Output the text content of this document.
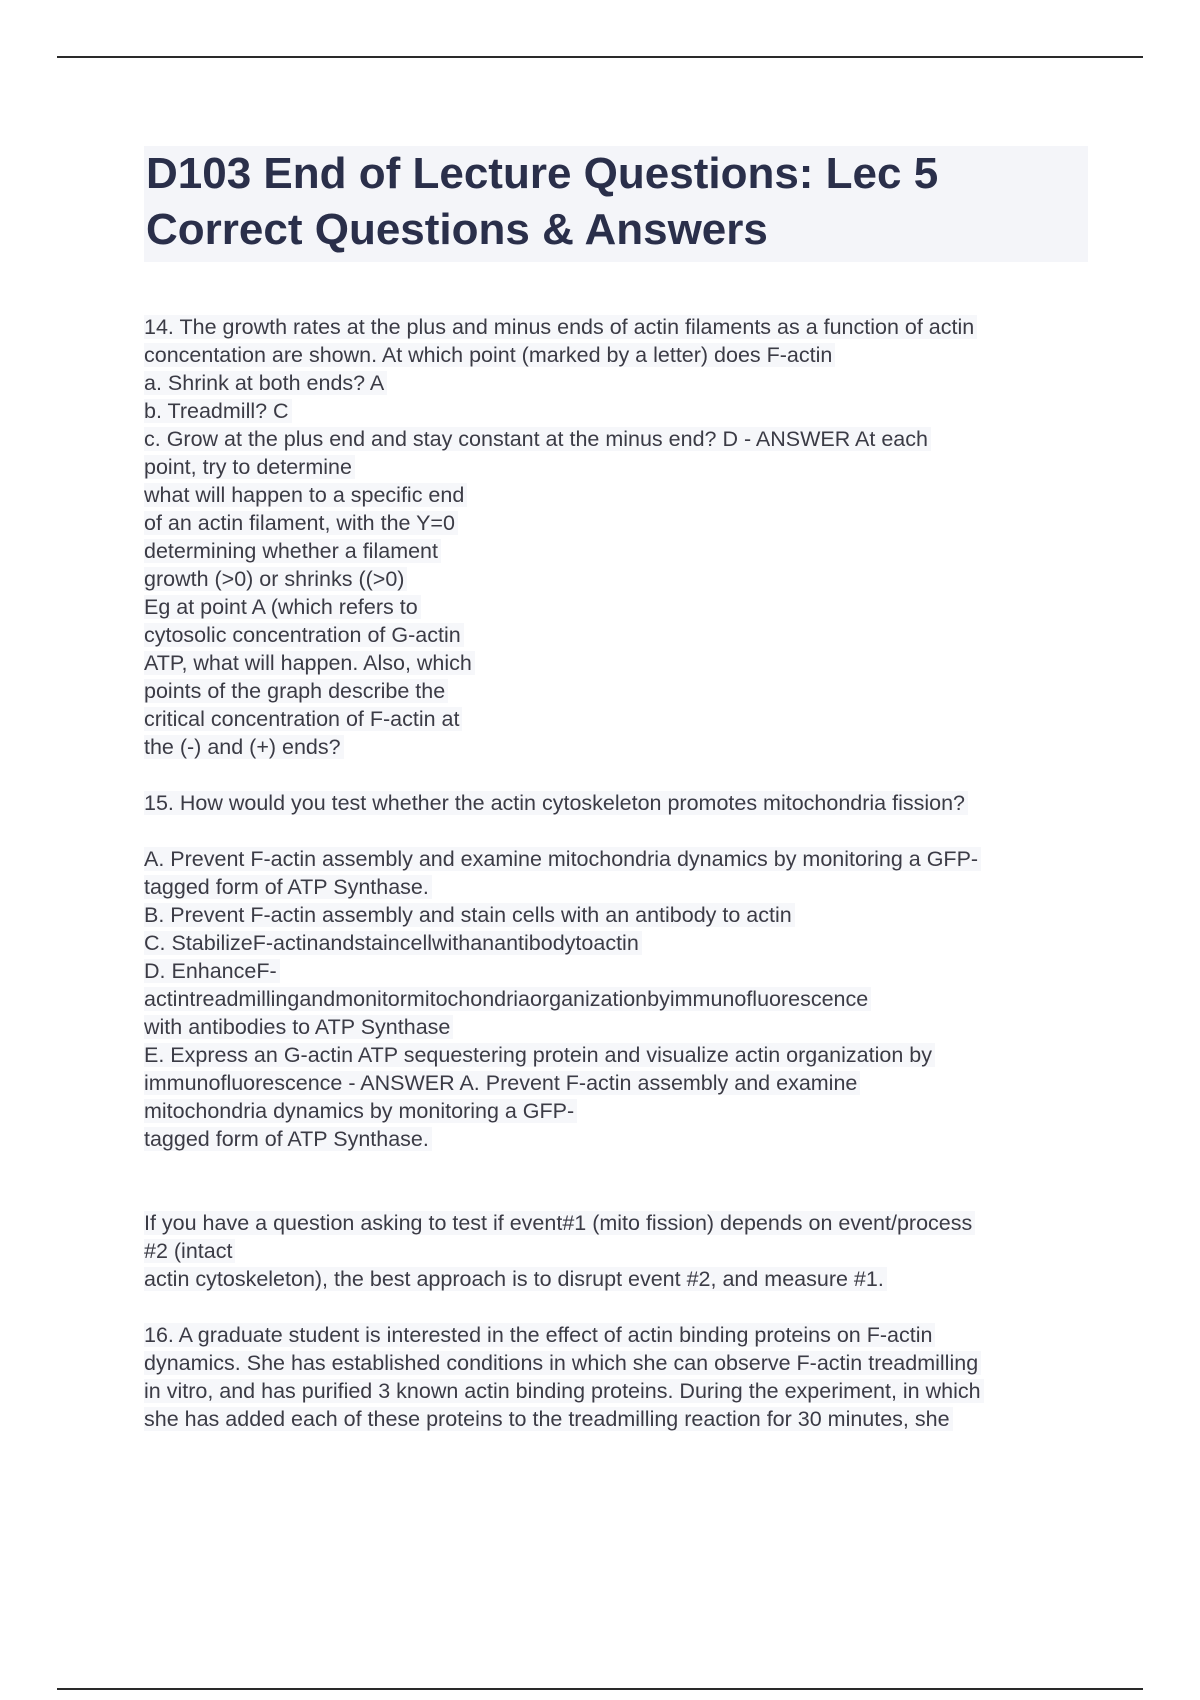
D103 End of Lecture Questions: Lec 5
Correct Questions & Answers
14. The growth rates at the plus and minus ends of actin filaments as a function of actin
concentation are shown. At which point (marked by a letter) does F-actin
a. Shrink at both ends? A
b. Treadmill? C
c. Grow at the plus end and stay constant at the minus end? D - ANSWER At each
point, try to determine
what will happen to a specific end
of an actin filament, with the Y=0
determining whether a filament
growth (>0) or shrinks ((>0)
Eg at point A (which refers to
cytosolic concentration of G-actin
ATP, what will happen. Also, which
points of the graph describe the
critical concentration of F-actin at
the (-) and (+) ends?
15. How would you test whether the actin cytoskeleton promotes mitochondria fission?
A. Prevent F-actin assembly and examine mitochondria dynamics by monitoring a GFP-
tagged form of ATP Synthase.
B. Prevent F-actin assembly and stain cells with an antibody to actin
C. StabilizeF-actinandstaincellwithanantibodytoactin
D. EnhanceF-
actintreadmillingandmonitormitochondriaorganizationbyimmunofluorescence
with antibodies to ATP Synthase
E. Express an G-actin ATP sequestering protein and visualize actin organization by
immunofluorescence - ANSWER A. Prevent F-actin assembly and examine
mitochondria dynamics by monitoring a GFP-
tagged form of ATP Synthase.
If you have a question asking to test if event#1 (mito fission) depends on event/process
#2 (intact
actin cytoskeleton), the best approach is to disrupt event #2, and measure #1.
16. A graduate student is interested in the effect of actin binding proteins on F-actin
dynamics. She has established conditions in which she can observe F-actin treadmilling
in vitro, and has purified 3 known actin binding proteins. During the experiment, in which
she has added each of these proteins to the treadmilling reaction for 30 minutes, she
